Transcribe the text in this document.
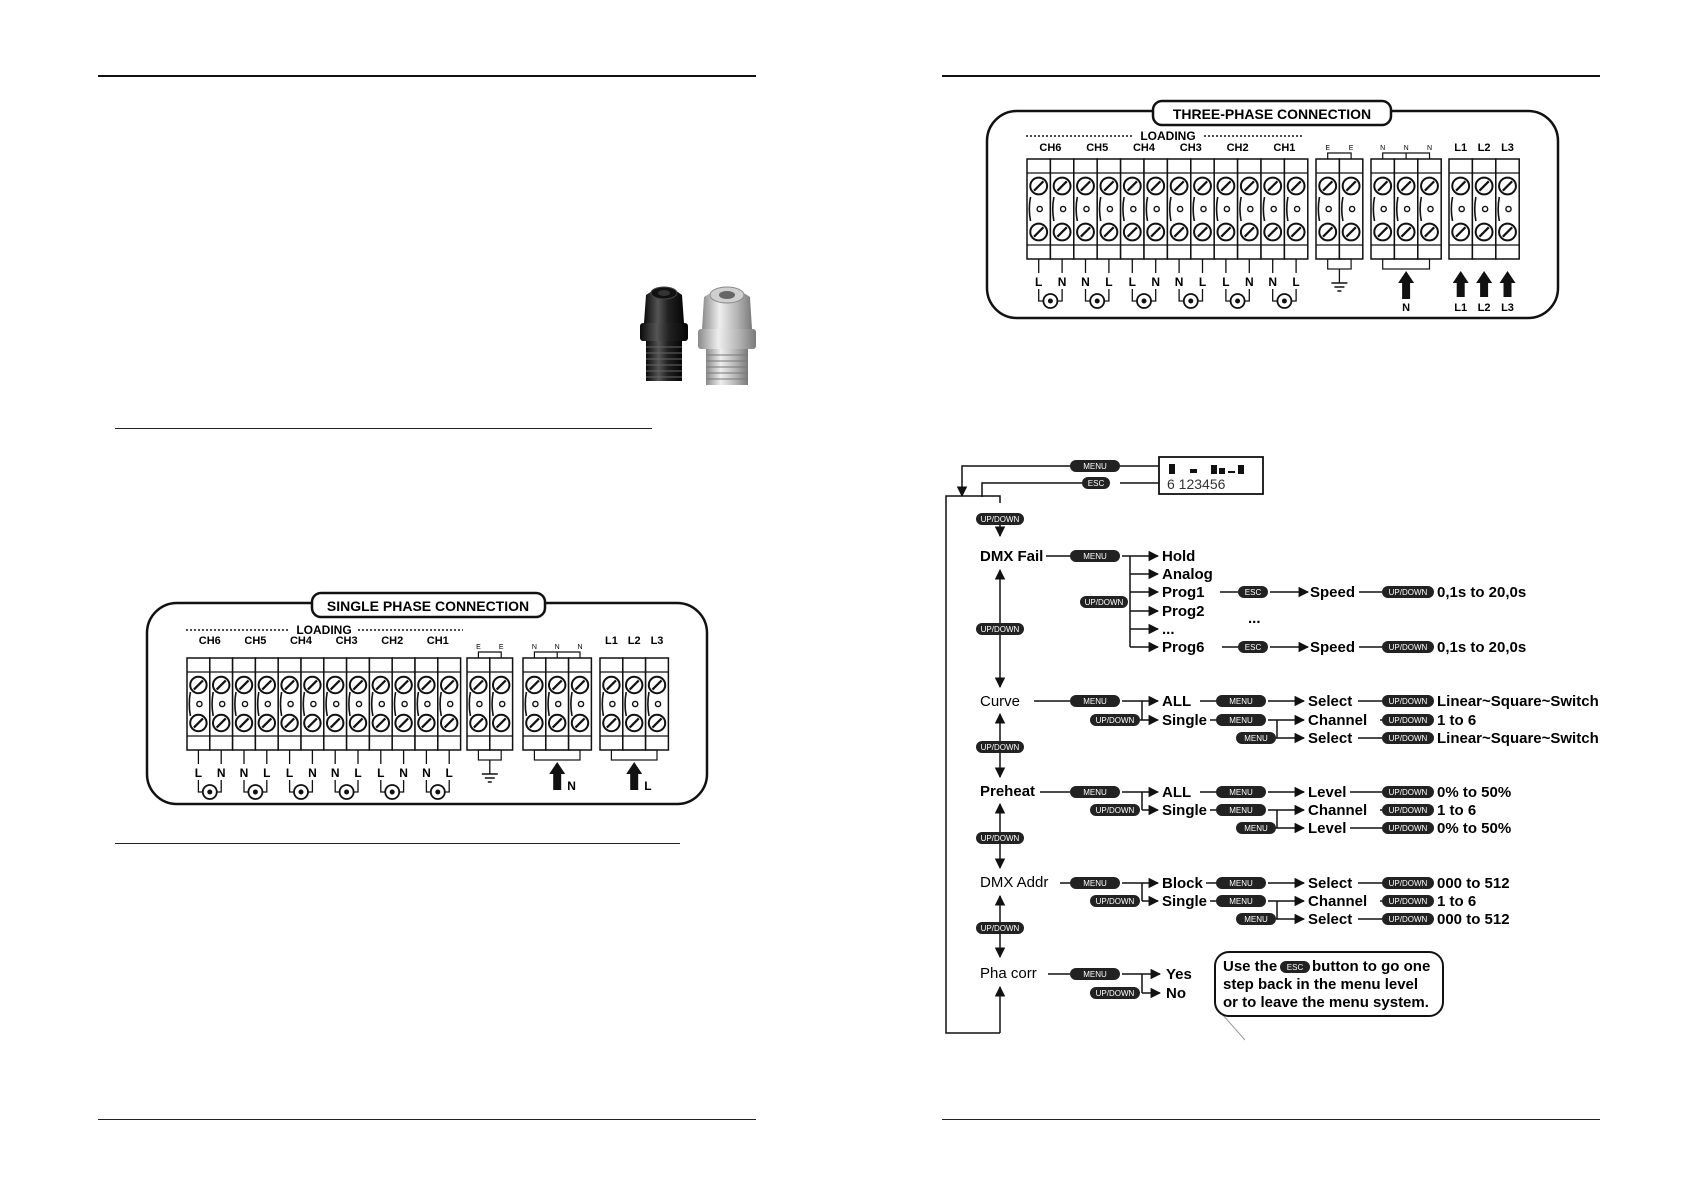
SINGLE PHASE CONNECTION
LOADING
CH6 CH5 CH4 CH3 CH2 CH1	L1 L2 L3
L N N L L N N L L N N L
E	E	N	N	N
N	L
THREE-PHASE CONNECTION
LOADING
CH6 CH5 CH4 CH3 CH2 CH1	L1 L2 L3
L N N L L N N L L N N L
E	E	N	N	N
N	L1 L2 L3
6 123456
MENU
ESC
UP/DOWN
MENU
UP/DOWN
ESC
ESC
UP/DOWN
UP/DOWN
UP/DOWN
MENU
UP/DOWN
MENU
MENU
MENU
UP/DOWN
UP/DOWN
UP/DOWN
UP/DOWN
MENU
UP/DOWN
MENU
MENU
MENU
UP/DOWN
UP/DOWN
UP/DOWN
UP/DOWN
MENU
UP/DOWN
MENU
MENU
MENU
UP/DOWN
UP/DOWN
UP/DOWN
UP/DOWN
MENU
UP/DOWN
DMX Fail
Curve
Preheat
DMX Addr
Pha corr
Hold
Analog
Prog1
Prog2
...
Prog6
...
Speed
Speed
0,1s to 20,0s
0,1s to 20,0s
ALL
Single
Select
Channel
Select
Linear~Square~Switch
1 to 6
Linear~Square~Switch
ALL
Single
Level
Channel
Level
0% to 50%
1 to 6
0% to 50%
Block
Single
Select
Channel
Select
000 to 512
1 to 6
000 to 512
Yes
No
Use the ESC button to go one
step back in the menu level
or to leave the menu system.
